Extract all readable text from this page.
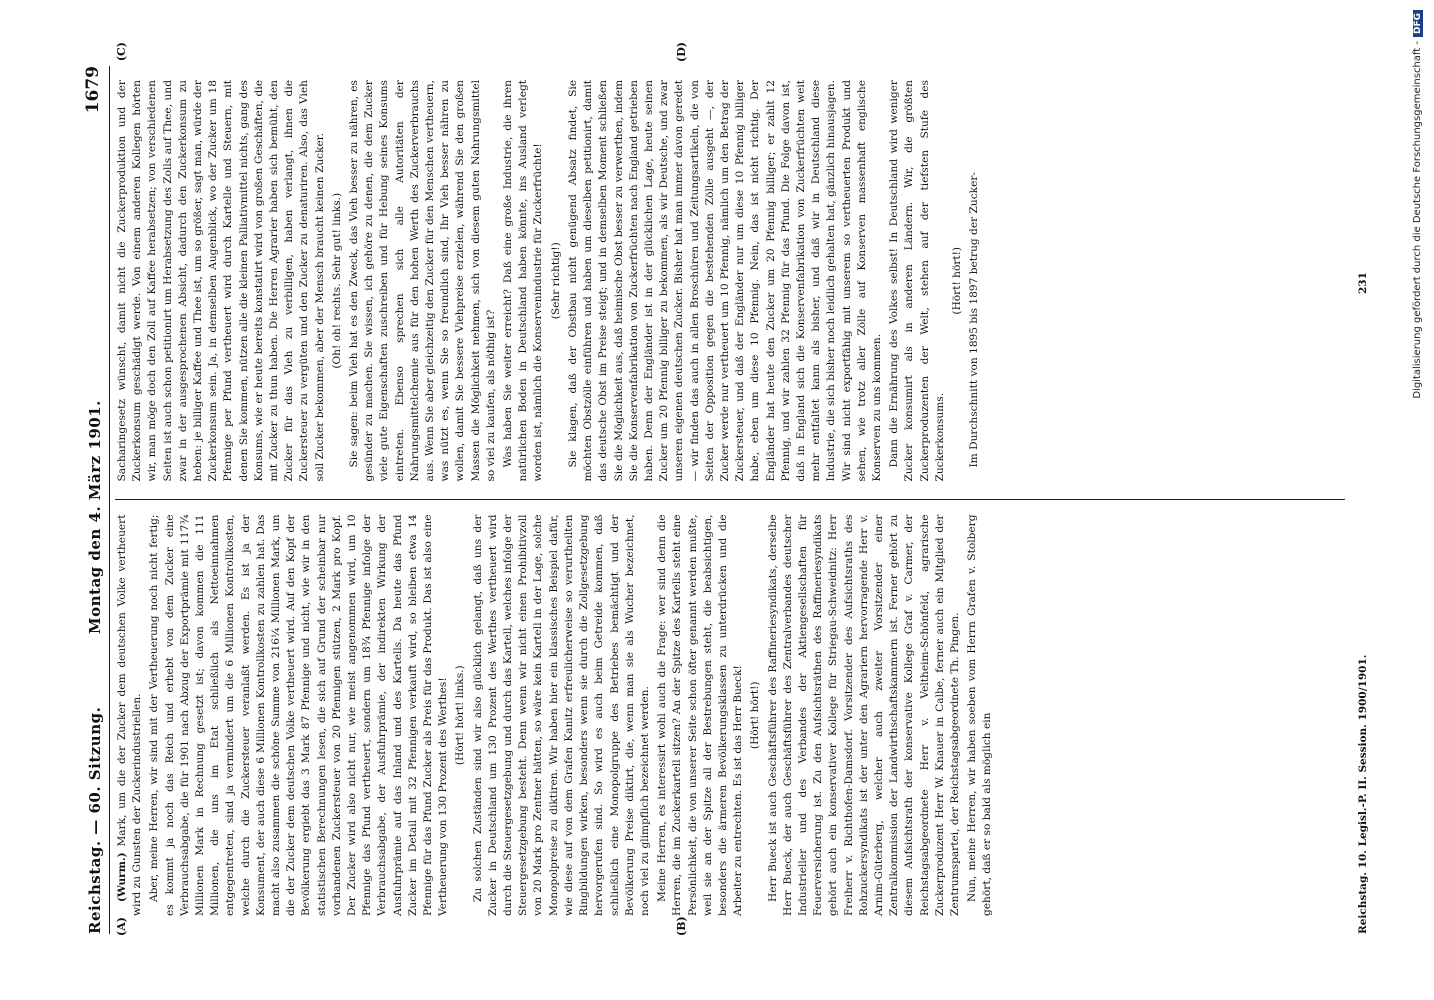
Reichstag. — 60. Sitzung.
Montag den 4. März 1901.
1679
(A)	(B)

(Wurm.) Mark, um die der Zucker dem deutschen Volke vertheuert wird zu Gunsten der Zuckerindustriellen. Aber, meine Herren, wir sind mit der Vertheuerung noch nicht fertig; es kommt ja noch das Reich und erhebt von dem Zucker eine Verbrauchsabgabe, die für 1901 nach Abzug der Exportprämie mit 117¾ Millionen Mark in Rechnung gesetzt ist; davon kommen die 111 Millionen, die uns im Etat schließlich als Nettoeinnahmen entgegentreten, sind ja vermindert um die 6 Millionen Kontrollkosten, welche durch die Zuckersteuer veranlaßt werden. Es ist ja der Konsument, der auch diese 6 Millionen Kontrollkosten zu zahlen hat. Das macht also zusammen die schöne Summe von 216¼ Millionen Mark, um die der Zucker dem deutschen Volke vertheuert wird. Auf den Kopf der Bevölkerung ergiebt das 3 Mark 87 Pfennige und nicht, wie wir in den statistischen Berechnungen lesen, die sich auf Grund der scheinbar nur vorhandenen Zuckersteuer von 20 Pfennigen stützen, 2 Mark pro Kopf. Der Zucker wird also nicht nur, wie meist angenommen wird, um 10 Pfennige das Pfund vertheuert, sondern um 18¾ Pfennige infolge der Verbrauchsabgabe, der Ausfuhrprämie, der indirekten Wirkung der Ausfuhrprämie auf das Inland und des Kartells. Da heute das Pfund Zucker im Detail mit 32 Pfennigen verkauft wird, so bleiben etwa 14 Pfennige für das Pfund Zucker als Preis für das Produkt. Das ist also eine Vertheuerung von 130 Prozent des Werthes! (Hört! hört! links.) Zu solchen Zuständen sind wir also glücklich gelangt, daß uns der Zucker in Deutschland um 130 Prozent des Werthes vertheuert wird durch die Steuergesetzgebung und durch das Kartell, welches infolge der Steuergesetzgebung besteht. Denn wenn wir nicht einen Prohibitivzoll von 20 Mark pro Zentner hätten, so wäre kein Kartell in der Lage, solche Monopolpreise zu diktiren. Wir haben hier ein klassisches Beispiel dafür, wie diese auf von dem Grafen Kanitz erfreulicherweise so verurtheilten Ringbildungen wirken, besonders wenn sie durch die Zollgesetzgebung hervorgerufen sind. So wird es auch beim Getreide kommen, daß schließlich eine Monopolgruppe des Betriebes bemächtigt und der Bevölkerung Preise diktirt, die, wenn man sie als Wucher bezeichnet, noch viel zu glimpflich bezeichnet werden. Meine Herren, es interessirt wohl auch die Frage: wer sind denn die Herren, die im Zuckerkartell sitzen? An der Spitze des Kartells steht eine Persönlichkeit, die von unserer Seite schon öfter genannt werden mußte, weil sie an der Spitze all der Bestrebungen steht, die beabsichtigen, besonders die ärmeren Bevölkerungsklassen zu unterdrücken und die Arbeiter zu entrechten. Es ist das Herr Bueck! (Hört! hört!) Herr Bueck ist auch Geschäftsführer des Raffineriesyndikats, derselbe Herr Bueck, der auch Geschäftsführer des Zentralverbandes deutscher Industrieller und des Verbandes der Aktiengesellschaften für Feuerversicherung ist. Zu den Aufsichtsräthen des Raffineriesyndikats gehört auch ein konservativer Kollege für Striegau-Schweidnitz: Herr Freiherr v. Richthofen-Damsdorf. Vorsitzender des Aufsichtsraths des Rohzuckersyndikats ist der unter den Agrariern hervorragende Herr v. Arnim-Güterberg, welcher auch zweiter Vorsitzender einer Zentralkommission der Landwirthschaftskammern ist. Ferner gehört zu diesem Aufsichtsrath der konservative Kollege Graf v. Carmer, der Reichstagsabgeordnete Herr v. Veltheim-Schönfeld, agrarische Zuckerproduzent Herr W. Knauer in Calbe, ferner auch ein Mitglied der Zentrumspartei, der Reichstagsabgeordnete Th. Pingen. Nun, meine Herren, wir haben soeben vom Herrn Grafen v. Stolberg gehört, daß er so bald als möglich ein

(C)	(D)

Sacharingesetz wünscht, damit nicht die Zuckerproduktion und der Zuckerkonsum geschädigt werde. Von einem anderen Kollegen hörten wir, man möge doch den Zoll auf Kaffee herabsetzen; von verschiedenen Seiten ist auch schon petitionirt um Herabsetzung des Zolls auf Thee, und zwar in der ausgesprochenen Absicht, dadurch den Zuckerkonsum zu heben: je billiger Kaffee und Thee ist, um so größer, sagt man, würde der Zuckerkonsum sein. Ja, in demselben Augenblick, wo der Zucker um 18 Pfennige per Pfund vertheuert wird durch Kartelle und Steuern, mit denen Sie kommen, nützen alle die kleinen Palliativmittel nichts, gang des Konsums, wie er heute bereits konstatirt wird von großen Geschäften, die mit Zucker zu thun haben. Die Herren Agrarier haben sich bemüht, den Zucker für das Vieh zu verbilligen, haben verlangt, ihnen die Zuckersteuer zu vergüten und den Zucker zu denaturiren. Also, das Vieh soll Zucker bekommen, aber der Mensch braucht keinen Zucker. (Oh! oh! rechts. Sehr gut! links.) Sie sagen: beim Vieh hat es den Zweck, das Vieh besser zu nähren, es gesünder zu machen. Sie wissen, ich gehöre zu denen, die dem Zucker viele gute Eigenschaften zuschreiben und für Hebung seines Konsums eintreten. Ebenso sprechen sich alle Autoritäten der Nahrungsmittelchemie aus für den hohen Werth des Zuckerverbrauchs aus. Wenn Sie aber gleichzeitig den Zucker für den Menschen vertheuern, was nützt es, wenn Sie so freundlich sind, Ihr Vieh besser nähren zu wollen, damit Sie bessere Viehpreise erzielen, während Sie den großen Massen die Möglichkeit nehmen, sich von diesem guten Nahrungsmittel so viel zu kaufen, als nöthig ist? Was haben Sie weiter erreicht? Daß eine große Industrie, die ihren natürlichen Boden in Deutschland haben könnte, ins Ausland verlegt worden ist, nämlich die Konservenindustrie für Zuckerfrüchte! (Sehr richtig!) Sie klagen, daß der Obstbau nicht genügend Absatz findet, Sie möchten Obstzölle einführen und haben um dieselben petitionirt, damit das deutsche Obst im Preise steigt; und in demselben Moment schließen Sie die Möglichkeit aus, daß heimische Obst besser zu verwerthen, indem Sie die Konservenfabrikation von Zuckerfrüchten nach England getrieben haben. Denn der Engländer ist in der glücklichen Lage, heute seinen Zucker um 20 Pfennig billiger zu bekommen, als wir Deutsche, und zwar unseren eigenen deutschen Zucker. Bisher hat man immer davon geredet — wir finden das auch in allen Broschüren und Zeitungsartikeln, die von Seiten der Opposition gegen die bestehenden Zölle ausgeht —, der Zucker werde nur vertheuert um 10 Pfennig, nämlich um den Betrag der Zuckersteuer, und daß der Engländer nur um diese 10 Pfennig billiger habe, eben um diese 10 Pfennig. Nein, das ist nicht richtig. Der Engländer hat heute den Zucker um 20 Pfennig billiger; er zahlt 12 Pfennig, und wir zahlen 32 Pfennig für das Pfund. Die Folge davon ist, daß in England sich die Konservenfabrikation von Zuckerfrüchten weit mehr entfaltet kann als bisher, und daß wir in Deutschland diese Industrie, die sich bisher noch leidlich gehalten hat, gänzlich hinausjagen. Wir sind nicht exportfähig mit unserem so vertheuerten Produkt und sehen, wie trotz aller Zölle auf Konserven massenhaft englische Konserven zu uns kommen. Dann die Ernährung des Volkes selbst! In Deutschland wird weniger Zucker konsumirt als in anderen Ländern. Wir, die größten Zuckerproduzenten der Welt, stehen auf der tiefsten Stufe des Zuckerkonsums.

(Hört! hört!) Im Durchschnitt von 1895 bis 1897 betrug der Zucker-

Reichstag. 10. Legisl.-P. II. Session. 1900/1901.
231	Digitalisierung gefördert durch die Deutsche Forschungsgemeinschaft -DFG
